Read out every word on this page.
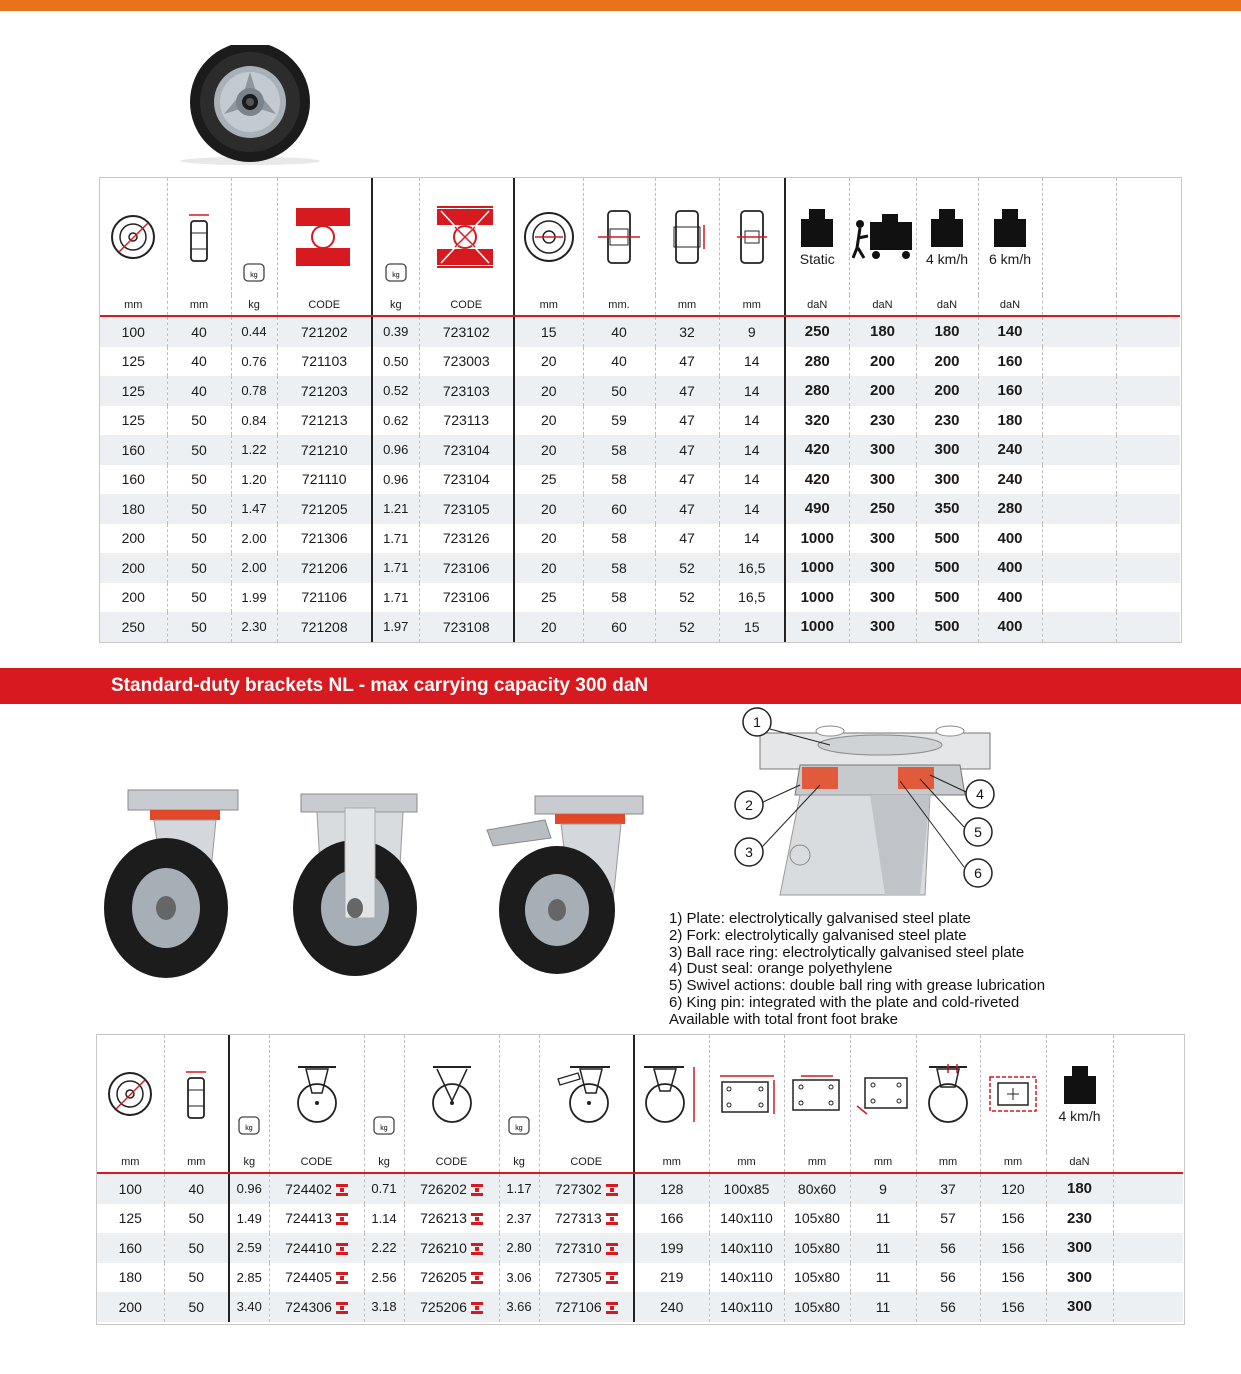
kg		kg						Static		4 km/h	6 km/h		

mm	mm	kg	CODE	kg	CODE	mm	mm.	mm	mm	daN	daN	daN	daN		
100	40	0.44	721202	0.39	723102	15	40	32	9	250	180	180	140		
125	40	0.76	721103	0.50	723003	20	40	47	14	280	200	200	160		
125	40	0.78	721203	0.52	723103	20	50	47	14	280	200	200	160		
125	50	0.84	721213	0.62	723113	20	59	47	14	320	230	230	180		
160	50	1.22	721210	0.96	723104	20	58	47	14	420	300	300	240		
160	50	1.20	721110	0.96	723104	25	58	47	14	420	300	300	240		
180	50	1.47	721205	1.21	723105	20	60	47	14	490	250	350	280		
200	50	2.00	721306	1.71	723126	20	58	47	14	1000	300	500	400		
200	50	2.00	721206	1.71	723106	20	58	52	16,5	1000	300	500	400		
200	50	1.99	721106	1.71	723106	25	58	52	16,5	1000	300	500	400		
250	50	2.30	721208	1.97	723108	20	60	52	15	1000	300	500	400		
Standard-duty brackets NL - max carrying capacity 300 daN
1
2
3
4
5
6
1) Plate: electrolytically galvanised steel plate
2) Fork: electrolytically galvanised steel plate
3) Ball race ring: electrolytically galvanised steel plate
4) Dust seal: orange polyethylene
5) Swivel actions: double ball ring with grease lubrication
6) King pin: integrated with the plate and cold-riveted
Available with total front foot brake

kg		kg		kg								4 km/h	

mm	mm	kg	CODE	kg	CODE	kg	CODE	mm	mm	mm	mm	mm	mm	daN	
100	40	0.96	724402	0.71	726202	1.17	727302	128	100x85	80x60	9	37	120	180	
125	50	1.49	724413	1.14	726213	2.37	727313	166	140x110	105x80	11	57	156	230	
160	50	2.59	724410	2.22	726210	2.80	727310	199	140x110	105x80	11	56	156	300	
180	50	2.85	724405	2.56	726205	3.06	727305	219	140x110	105x80	11	56	156	300	
200	50	3.40	724306	3.18	725206	3.66	727106	240	140x110	105x80	11	56	156	300	
